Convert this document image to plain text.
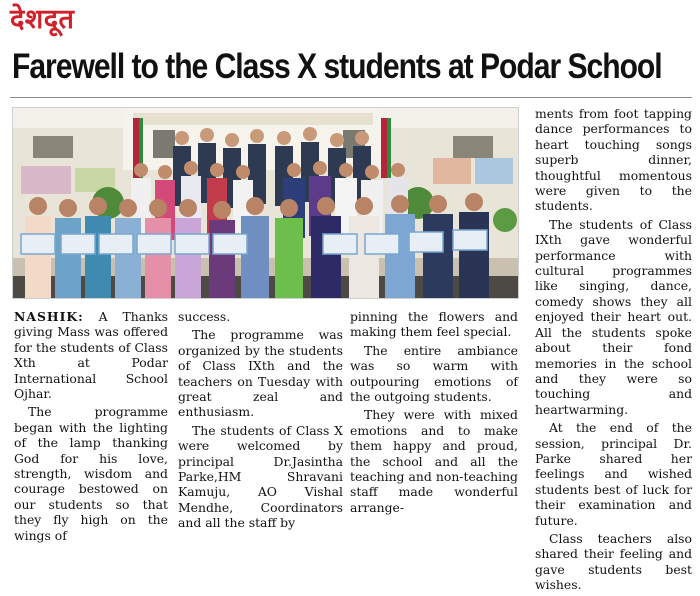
देशदूत
Farewell to the Class X students at Podar School

NASHIK: A Thanks giving Mass was offered for the students of Class Xth at Podar International School Ojhar.

The programme began with the lighting of the lamp thanking God for his love, strength, wisdom and courage bestowed on our students so that they fly high on the wings of

success.

The programme was organized by the students of Class IXth and the teachers on Tuesday with great zeal and enthusiasm.

The students of Class X were welcomed by principal Dr.Jasintha Parke,HM Shravani Kamuju, AO Vishal Mendhe, Coordinators and all the staff by

pinning the flowers and making them feel special.

The entire ambiance was so warm with outpouring emotions of the outgoing students.

They were with mixed emotions and to make them happy and proud, the school and all the teaching and non-teaching staff made wonderful arrange-

ments from foot tapping dance performances to heart touching songs superb dinner, thoughtful momentous were given to the students.

The students of Class IXth gave wonderful performance with cultural programmes like singing, dance, comedy shows they all enjoyed their heart out. All the students spoke about their fond memories in the school and they were so touching and heartwarming.

At the end of the session, principal Dr. Parke shared her feelings and wished students best of luck for their examination and future.

Class teachers also shared their feeling and gave students best wishes.
